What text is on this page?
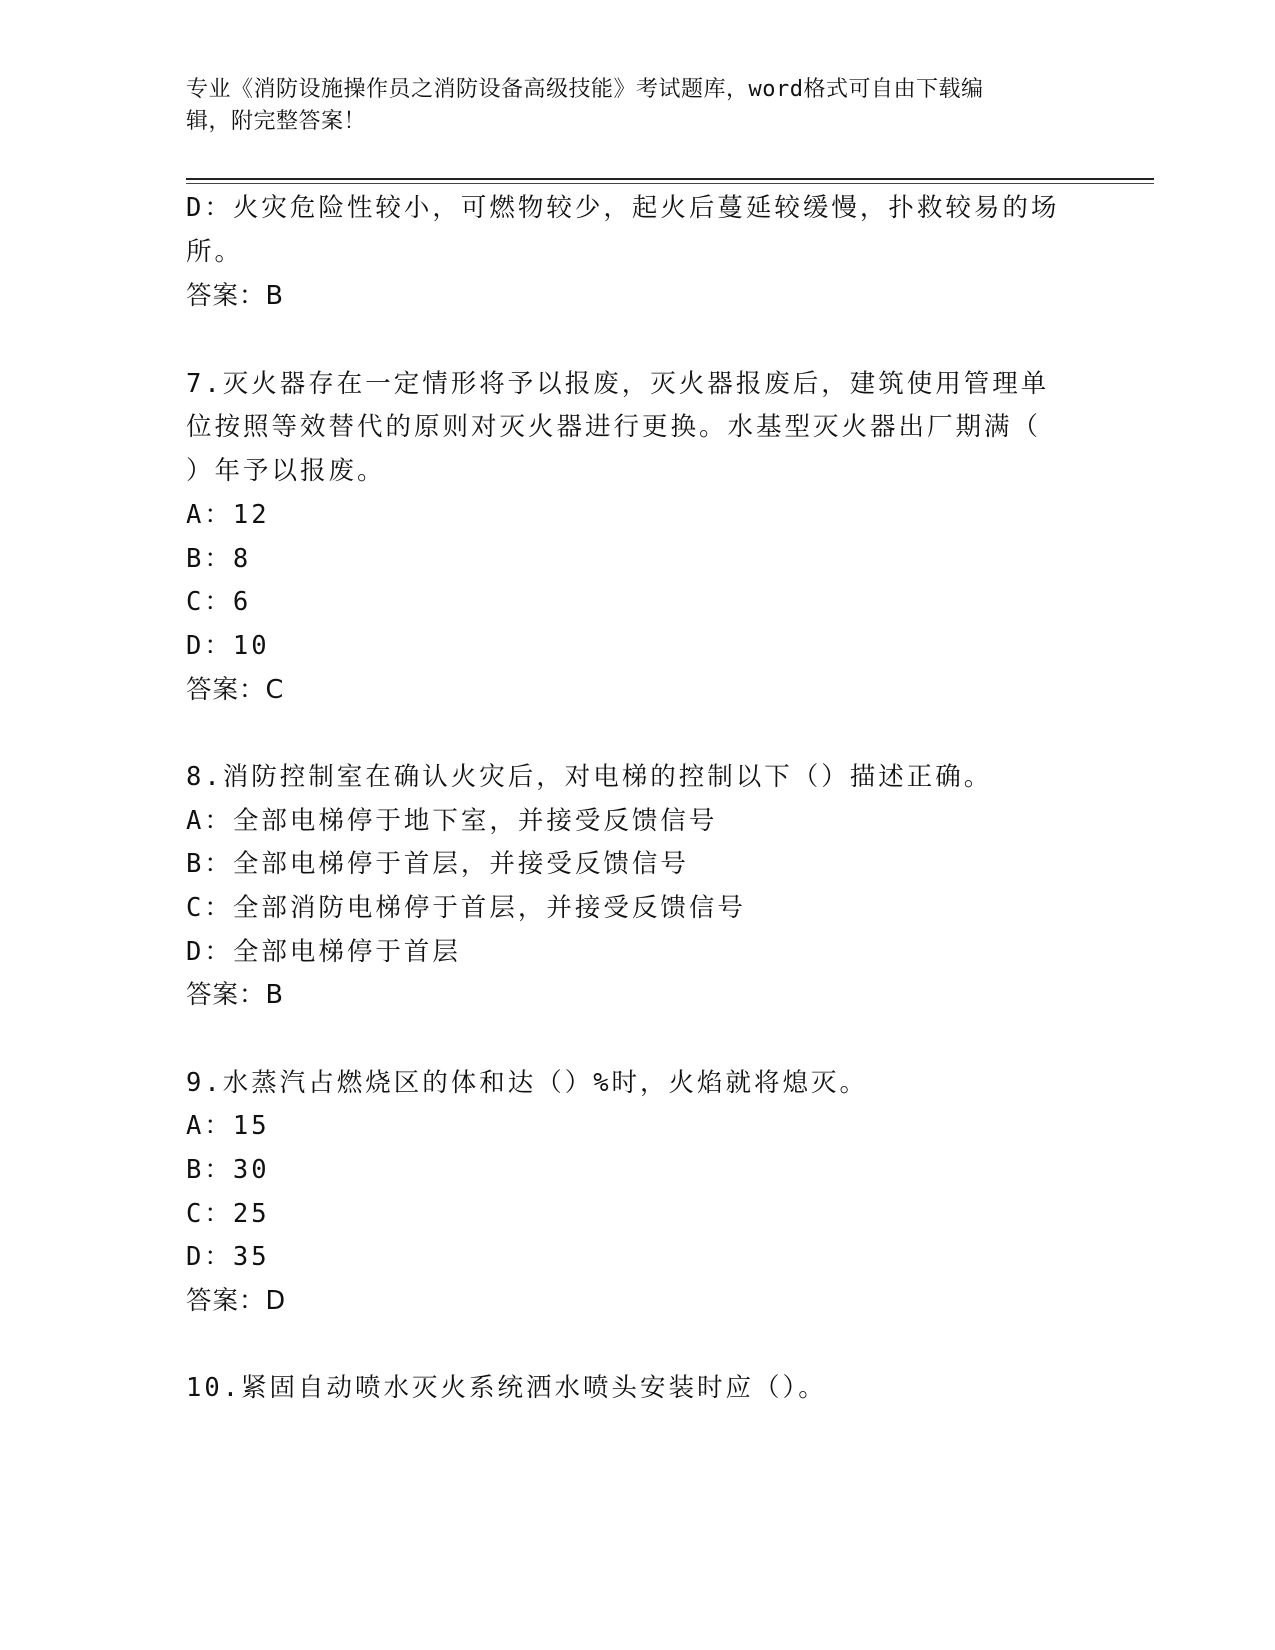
专业《消防设施操作员之消防设备高级技能》考试题库，word格式可自由下载编
辑，附完整答案！
D：火灾危险性较小，可燃物较少，起火后蔓延较缓慢，扑救较易的场
所。
答案：B
7.灭火器存在一定情形将予以报废，灭火器报废后，建筑使用管理单
位按照等效替代的原则对灭火器进行更换。水基型灭火器出厂期满（
）年予以报废。
A：12
B：8
C：6
D：10
答案：C
8.消防控制室在确认火灾后，对电梯的控制以下（）描述正确。
A：全部电梯停于地下室，并接受反馈信号
B：全部电梯停于首层，并接受反馈信号
C：全部消防电梯停于首层，并接受反馈信号
D：全部电梯停于首层
答案：B
9.水蒸汽占燃烧区的体和达（）%时，火焰就将熄灭。
A：15
B：30
C：25
D：35
答案：D
10.紧固自动喷水灭火系统洒水喷头安装时应（）。
